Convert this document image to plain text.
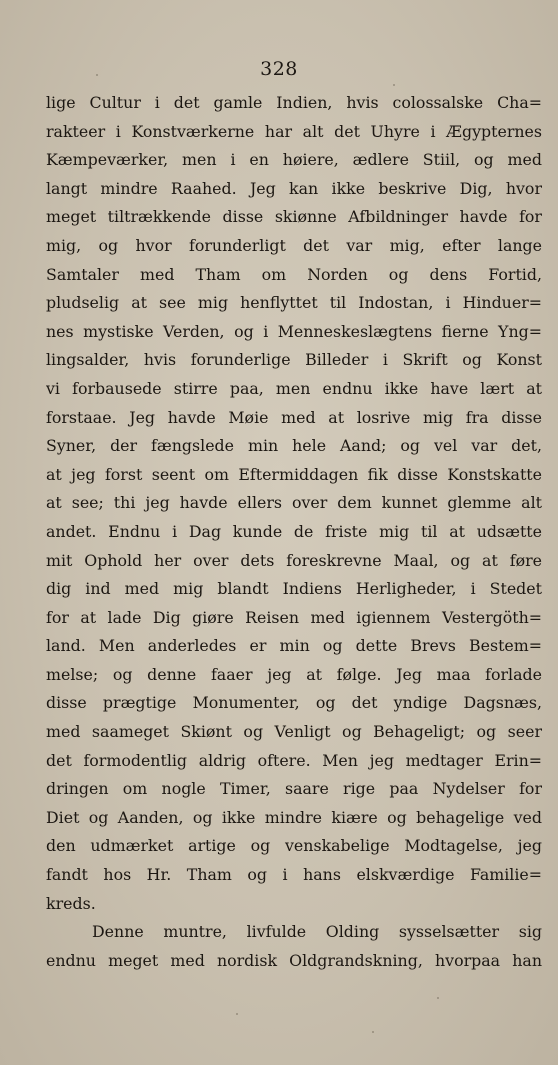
328
lige Cultur i det gamle Indien, hvis colossalske Cha=
rakteer i Konstværkerne har alt det Uhyre i Ægypternes
Kæmpeværker, men i en høiere, ædlere Stiil, og med
langt mindre Raahed. Jeg kan ikke beskrive Dig, hvor
meget tiltrækkende disse skiønne Afbildninger havde for
mig, og hvor forunderligt det var mig, efter lange
Samtaler med Tham om Norden og dens Fortid,
pludselig at see mig henflyttet til Indostan, i Hinduer=
nes mystiske Verden, og i Menneskeslægtens fierne Yng=
lingsalder, hvis forunderlige Billeder i Skrift og Konst
vi forbausede stirre paa, men endnu ikke have lært at
forstaae. Jeg havde Møie med at losrive mig fra disse
Syner, der fængslede min hele Aand; og vel var det,
at jeg forst seent om Eftermiddagen fik disse Konstskatte
at see; thi jeg havde ellers over dem kunnet glemme alt
andet. Endnu i Dag kunde de friste mig til at udsætte
mit Ophold her over dets foreskrevne Maal, og at føre
dig ind med mig blandt Indiens Herligheder, i Stedet
for at lade Dig giøre Reisen med igiennem Vestergöth=
land. Men anderledes er min og dette Brevs Bestem=
melse; og denne faaer jeg at følge. Jeg maa forlade
disse prægtige Monumenter, og det yndige Dagsnæs,
med saameget Skiønt og Venligt og Behageligt; og seer
det formodentlig aldrig oftere. Men jeg medtager Erin=
dringen om nogle Timer, saare rige paa Nydelser for
Diet og Aanden, og ikke mindre kiære og behagelige ved
den udmærket artige og venskabelige Modtagelse, jeg
fandt hos Hr. Tham og i hans elskværdige Familie=
kreds.
Denne muntre, livfulde Olding sysselsætter sig
endnu meget med nordisk Oldgrandskning, hvorpaa han
